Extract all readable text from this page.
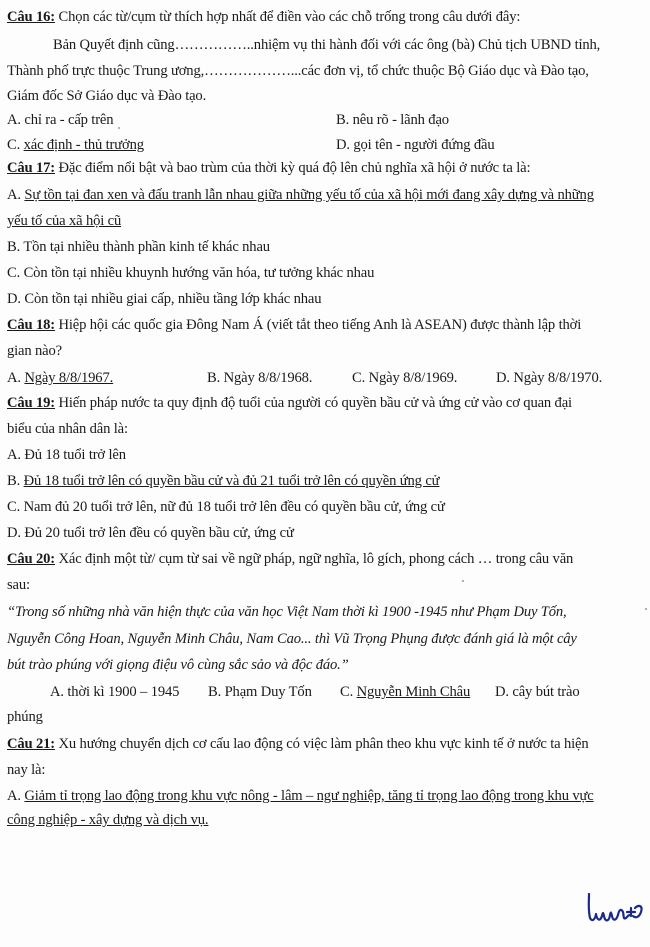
Câu 16: Chọn các từ/cụm từ thích hợp nhất để điền vào các chỗ trống trong câu dưới đây:
Bản Quyết định cũng……………..nhiệm vụ thi hành đối với các ông (bà) Chủ tịch UBND tỉnh,
Thành phố trực thuộc Trung ương,………………...các đơn vị, tổ chức thuộc Bộ Giáo dục và Đào tạo,
Giám đốc Sở Giáo dục và Đào tạo.
A. chỉ ra - cấp trên	B. nêu rõ - lãnh đạo
C. xác định - thủ trưởng	D. gọi tên - người đứng đầu
Câu 17: Đặc điểm nổi bật và bao trùm của thời kỳ quá độ lên chủ nghĩa xã hội ở nước ta là:
A. Sự tồn tại đan xen và đấu tranh lẫn nhau giữa những yếu tố của xã hội mới đang xây dựng và những
yếu tố của xã hội cũ
B. Tồn tại nhiều thành phần kinh tế khác nhau
C. Còn tồn tại nhiều khuynh hướng văn hóa, tư tưởng khác nhau
D. Còn tồn tại nhiều giai cấp, nhiều tầng lớp khác nhau
Câu 18: Hiệp hội các quốc gia Đông Nam Á (viết tắt theo tiếng Anh là ASEAN) được thành lập thời
gian nào?
A. Ngày 8/8/1967.	B. Ngày 8/8/1968.	C. Ngày 8/8/1969.	D. Ngày 8/8/1970.
Câu 19: Hiến pháp nước ta quy định độ tuổi của người có quyền bầu cử và ứng cử vào cơ quan đại
biểu của nhân dân là:
A. Đủ 18 tuổi trở lên
B. Đủ 18 tuổi trở lên có quyền bầu cử và đủ 21 tuổi trở lên có quyền ứng cử
C. Nam đủ 20 tuổi trở lên, nữ đủ 18 tuổi trở lên đều có quyền bầu cử, ứng cử
D. Đủ 20 tuổi trở lên đều có quyền bầu cử, ứng cử
Câu 20: Xác định một từ/ cụm từ sai về ngữ pháp, ngữ nghĩa, lô gích, phong cách … trong câu văn
sau:
“Trong số những nhà văn hiện thực của văn học Việt Nam thời kì 1900 -1945 như Phạm Duy Tốn,
Nguyễn Công Hoan, Nguyễn Minh Châu, Nam Cao... thì Vũ Trọng Phụng được đánh giá là một cây
bút trào phúng với giọng điệu vô cùng sắc sảo và độc đáo.”
A. thời kì 1900 – 1945 B. Phạm Duy Tốn C. Nguyễn Minh Châu D. cây bút trào
phúng
Câu 21: Xu hướng chuyển dịch cơ cấu lao động có việc làm phân theo khu vực kinh tế ở nước ta hiện
nay là:
A. Giảm tỉ trọng lao động trong khu vực nông - lâm – ngư nghiệp, tăng tỉ trọng lao động trong khu vực
công nghiệp - xây dựng và dịch vụ.
